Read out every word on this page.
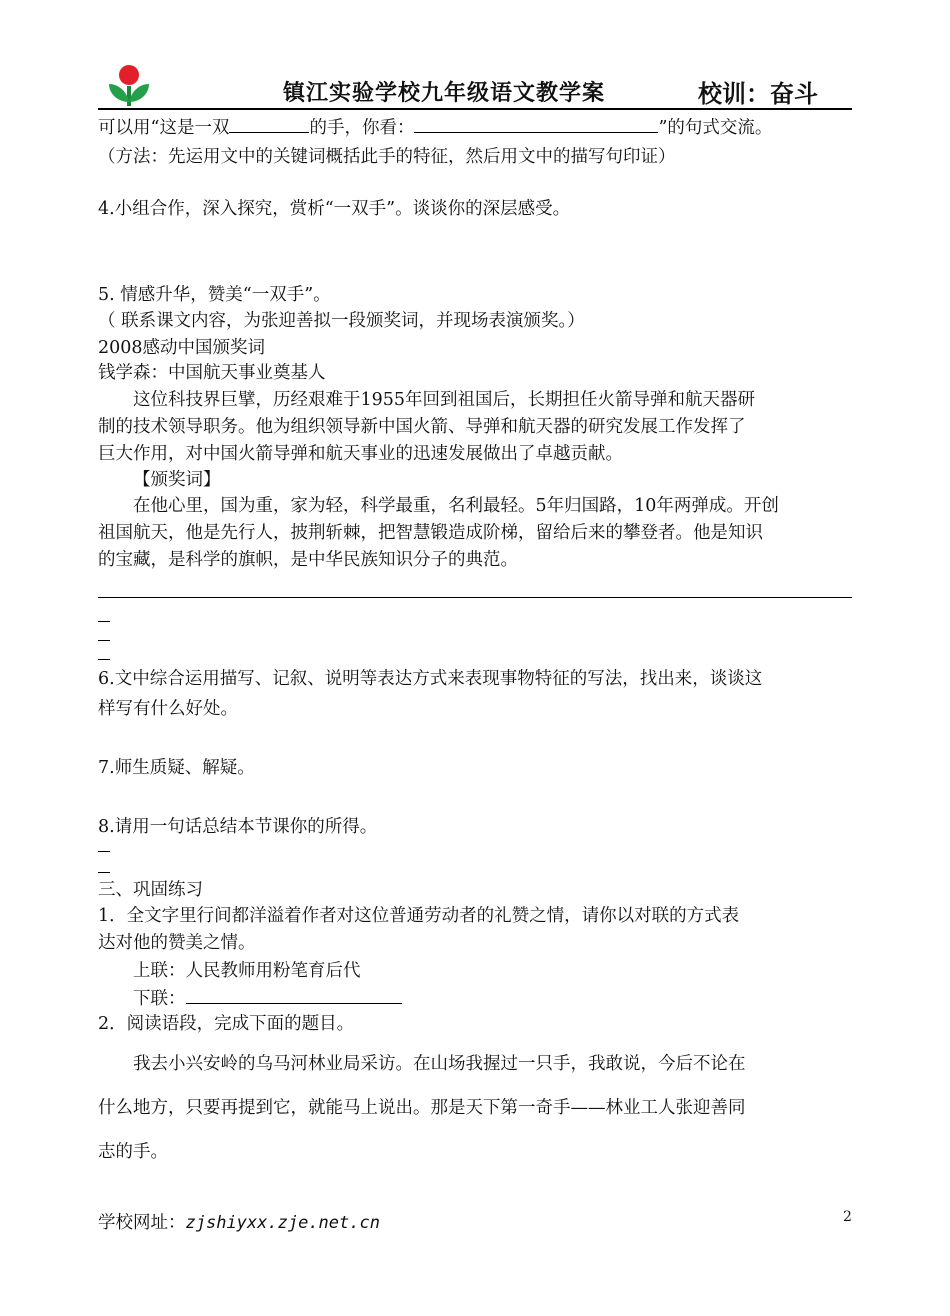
镇江实验学校九年级语文教学案	校训：奋斗
可以用“这是一双	的手，你看：	”的句式交流。
（方法：先运用文中的关键词概括此手的特征，然后用文中的描写句印证）
4.小组合作，深入探究，赏析“一双手”。谈谈你的深层感受。
5. 情感升华，赞美“一双手”。
（ 联系课文内容，为张迎善拟一段颁奖词，并现场表演颁奖。）
2008感动中国颁奖词
钱学森：中国航天事业奠基人
这位科技界巨擘，历经艰难于1955年回到祖国后，长期担任火箭导弹和航天器研
制的技术领导职务。他为组织领导新中国火箭、导弹和航天器的研究发展工作发挥了
巨大作用，对中国火箭导弹和航天事业的迅速发展做出了卓越贡献。
【颁奖词】
在他心里，国为重，家为轻，科学最重，名利最轻。5年归国路，10年两弹成。开创
祖国航天，他是先行人，披荆斩棘，把智慧锻造成阶梯，留给后来的攀登者。他是知识
的宝藏，是科学的旗帜，是中华民族知识分子的典范。
6.文中综合运用描写、记叙、说明等表达方式来表现事物特征的写法，找出来，谈谈这
样写有什么好处。
7.师生质疑、解疑。
8.请用一句话总结本节课你的所得。
三、巩固练习
1．全文字里行间都洋溢着作者对这位普通劳动者的礼赞之情，请你以对联的方式表
达对他的赞美之情。
上联：人民教师用粉笔育后代
下联：
2．阅读语段，完成下面的题目。
我去小兴安岭的乌马河林业局采访。在山场我握过一只手，我敢说，今后不论在
什么地方，只要再提到它，就能马上说出。那是天下第一奇手——林业工人张迎善同
志的手。
学校网址：zjshiyxx.zje.net.cn	2
